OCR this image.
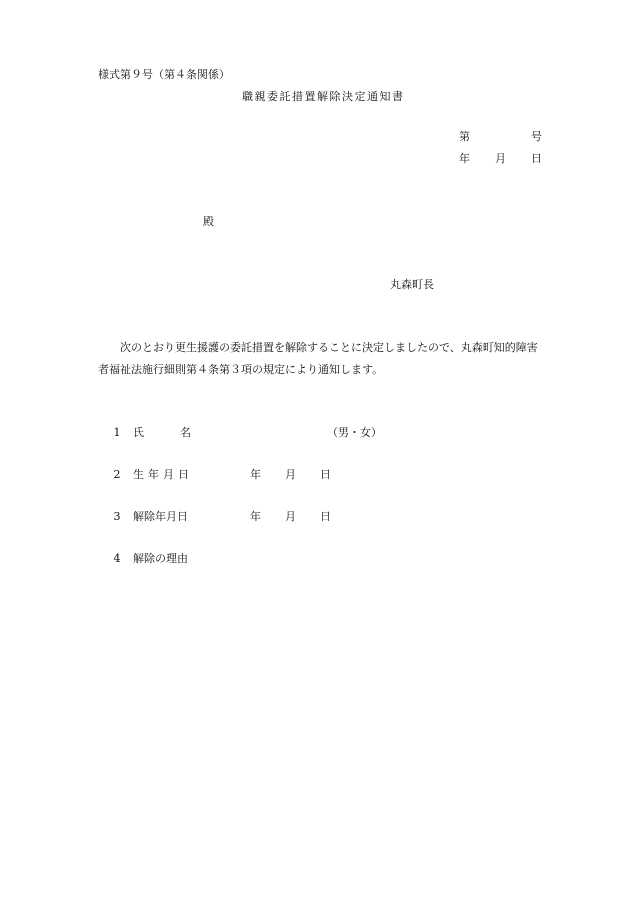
様式第９号（第４条関係）
職親委託措置解除決定通知書
第	号
年 月 日
殿
丸森町長
次のとおり更生援護の委託措置を解除することに決定しましたので、丸森町知的障害
者福祉法施行細則第４条第３項の規定により通知します。
1	氏	名	（男・女）
2	生年月日	年 月 日
3	解除年月日	年 月 日
4	解除の理由
